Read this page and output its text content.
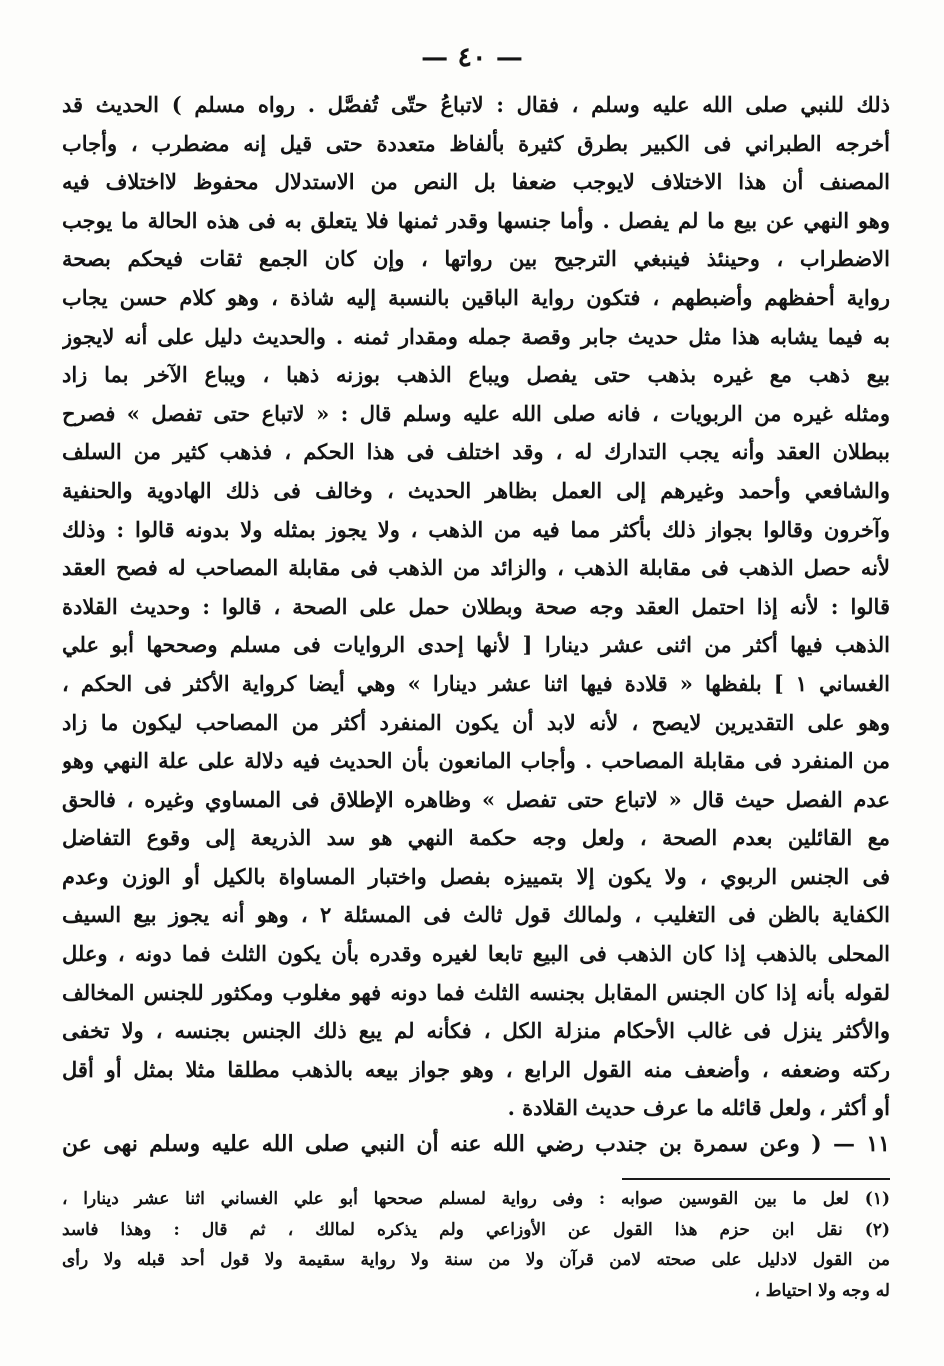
— ٤٠ —
ذلك للنبي صلى الله عليه وسلم ، فقال : لاتباعُ حتّى تُفصَّل . رواه مسلم ) الحديث قد
أخرجه الطبراني فى الكبير بطرق كثيرة بألفاظ متعددة حتى قيل إنه مضطرب ، وأجاب
المصنف أن هذا الاختلاف لايوجب ضعفا بل النص من الاستدلال محفوظ لااختلاف فيه
وهو النهي عن بيع ما لم يفصل . وأما جنسها وقدر ثمنها فلا يتعلق به فى هذه الحالة ما يوجب
الاضطراب ، وحينئذ فينبغي الترجيح بين رواتها ، وإن كان الجمع ثقات فيحكم بصحة
رواية أحفظهم وأضبطهم ، فتكون رواية الباقين بالنسبة إليه شاذة ، وهو كلام حسن يجاب
به فيما يشابه هذا مثل حديث جابر وقصة جمله ومقدار ثمنه . والحديث دليل على أنه لايجوز
بيع ذهب مع غيره بذهب حتى يفصل ويباع الذهب بوزنه ذهبا ، ويباع الآخر بما زاد
ومثله غيره من الربويات ، فانه صلى الله عليه وسلم قال : « لاتباع حتى تفصل » فصرح
ببطلان العقد وأنه يجب التدارك له ، وقد اختلف فى هذا الحكم ، فذهب كثير من السلف
والشافعي وأحمد وغيرهم إلى العمل بظاهر الحديث ، وخالف فى ذلك الهادوية والحنفية
وآخرون وقالوا بجواز ذلك بأكثر مما فيه من الذهب ، ولا يجوز بمثله ولا بدونه قالوا : وذلك
لأنه حصل الذهب فى مقابلة الذهب ، والزائد من الذهب فى مقابلة المصاحب له فصح العقد
قالوا : لأنه إذا احتمل العقد وجه صحة وبطلان حمل على الصحة ، قالوا : وحديث القلادة
الذهب فيها أكثر من اثنى عشر دينارا [ لأنها إحدى الروايات فى مسلم وصححها أبو علي
الغساني ١ ] بلفظها « قلادة فيها اثنا عشر دينارا » وهي أيضا كرواية الأكثر فى الحكم ،
وهو على التقديرين لايصح ، لأنه لابد أن يكون المنفرد أكثر من المصاحب ليكون ما زاد
من المنفرد فى مقابلة المصاحب . وأجاب المانعون بأن الحديث فيه دلالة على علة النهي وهو
عدم الفصل حيث قال « لاتباع حتى تفصل » وظاهره الإطلاق فى المساوي وغيره ، فالحق
مع القائلين بعدم الصحة ، ولعل وجه حكمة النهي هو سد الذريعة إلى وقوع التفاضل
فى الجنس الربوي ، ولا يكون إلا بتمييزه بفصل واختبار المساواة بالكيل أو الوزن وعدم
الكفاية بالظن فى التغليب ، ولمالك قول ثالث فى المسئلة ٢ ، وهو أنه يجوز بيع السيف
المحلى بالذهب إذا كان الذهب فى البيع تابعا لغيره وقدره بأن يكون الثلث فما دونه ، وعلل
لقوله بأنه إذا كان الجنس المقابل بجنسه الثلث فما دونه فهو مغلوب ومكثور للجنس المخالف
والأكثر ينزل فى غالب الأحكام منزلة الكل ، فكأنه لم يبع ذلك الجنس بجنسه ، ولا تخفى
ركته وضعفه ، وأضعف منه القول الرابع ، وهو جواز بيعه بالذهب مطلقا مثلا بمثل أو أقل
أو أكثر ، ولعل قائله ما عرف حديث القلادة .
١١ — ( وعن سمرة بن جندب رضي الله عنه أن النبي صلى الله عليه وسلم نهى عن
(١) لعل ما بين القوسين صوابه : وفى رواية لمسلم صححها أبو علي الغساني اثنا عشر دينارا ،
(٢) نقل ابن حزم هذا القول عن الأوزاعي ولم يذكره لمالك ، ثم قال : وهذا فاسد
من القول لادليل على صحته لامن قرآن ولا من سنة ولا رواية سقيمة ولا قول أحد قبله ولا رأى
له وجه ولا احتياط ،
